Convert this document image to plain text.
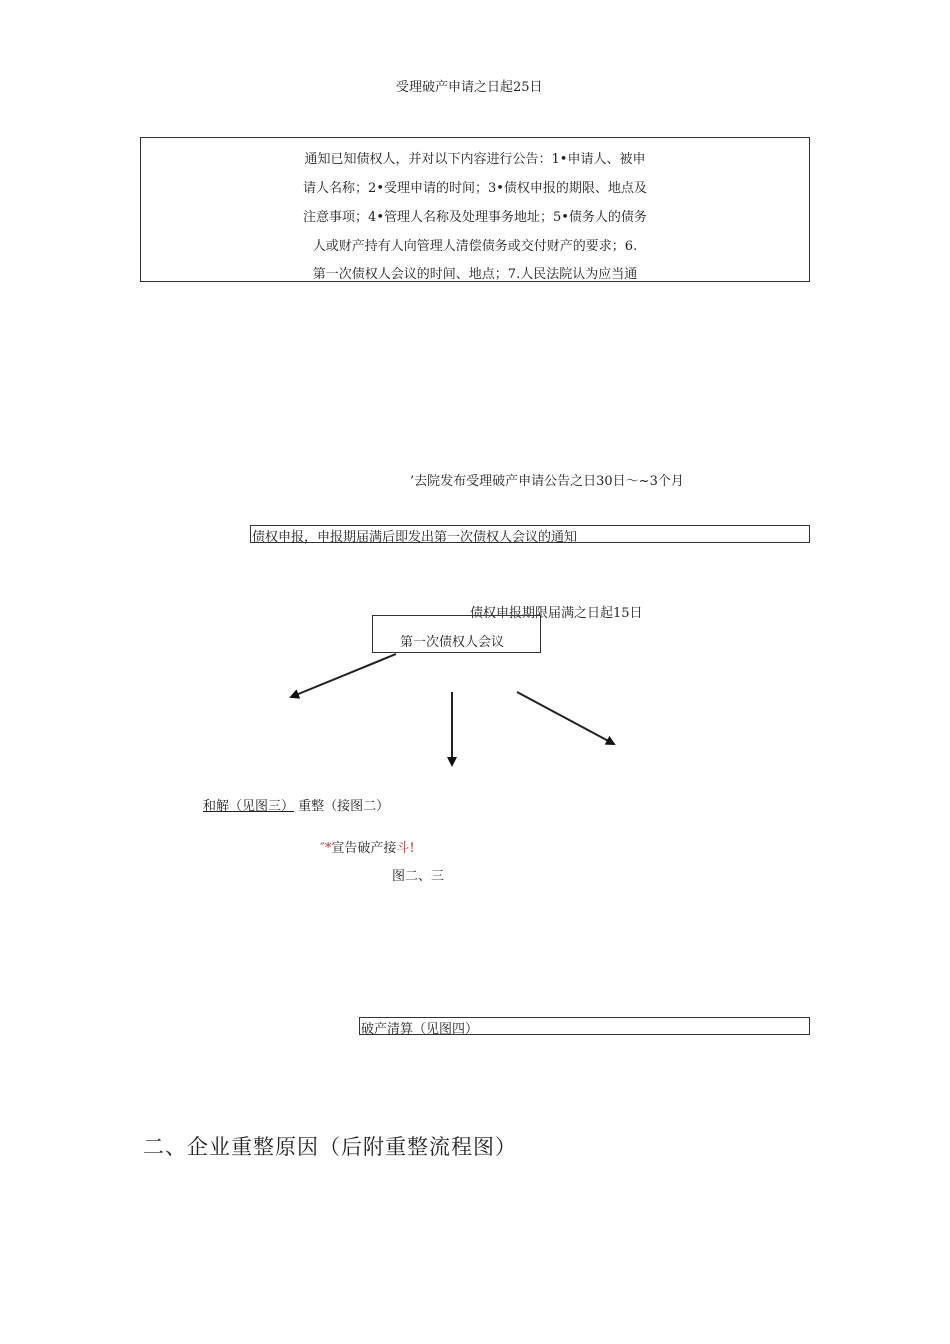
受理破产申请之日起25日
通知已知债权人，并对以下内容进行公告：1•申请人、被申
请人名称；2•受理申请的时间；3•债权申报的期限、地点及
注意事项；4•管理人名称及处理事务地址；5•债务人的债务
人或财产持有人向管理人清偿债务或交付财产的要求；6.
第一次债权人会议的时间、地点；7.人民法院认为应当通
’去院发布受理破产申请公告之日30日〜~3个月
债权申报，申报期届满后即发出第一次债权人会议的通知
债权申报期限届满之日起15日
第一次债权人会议
和解（见图三） 重整（接图二）
″*宣告破产接斗!
图二、三
破产清算（见图四）
二、企业重整原因（后附重整流程图）
